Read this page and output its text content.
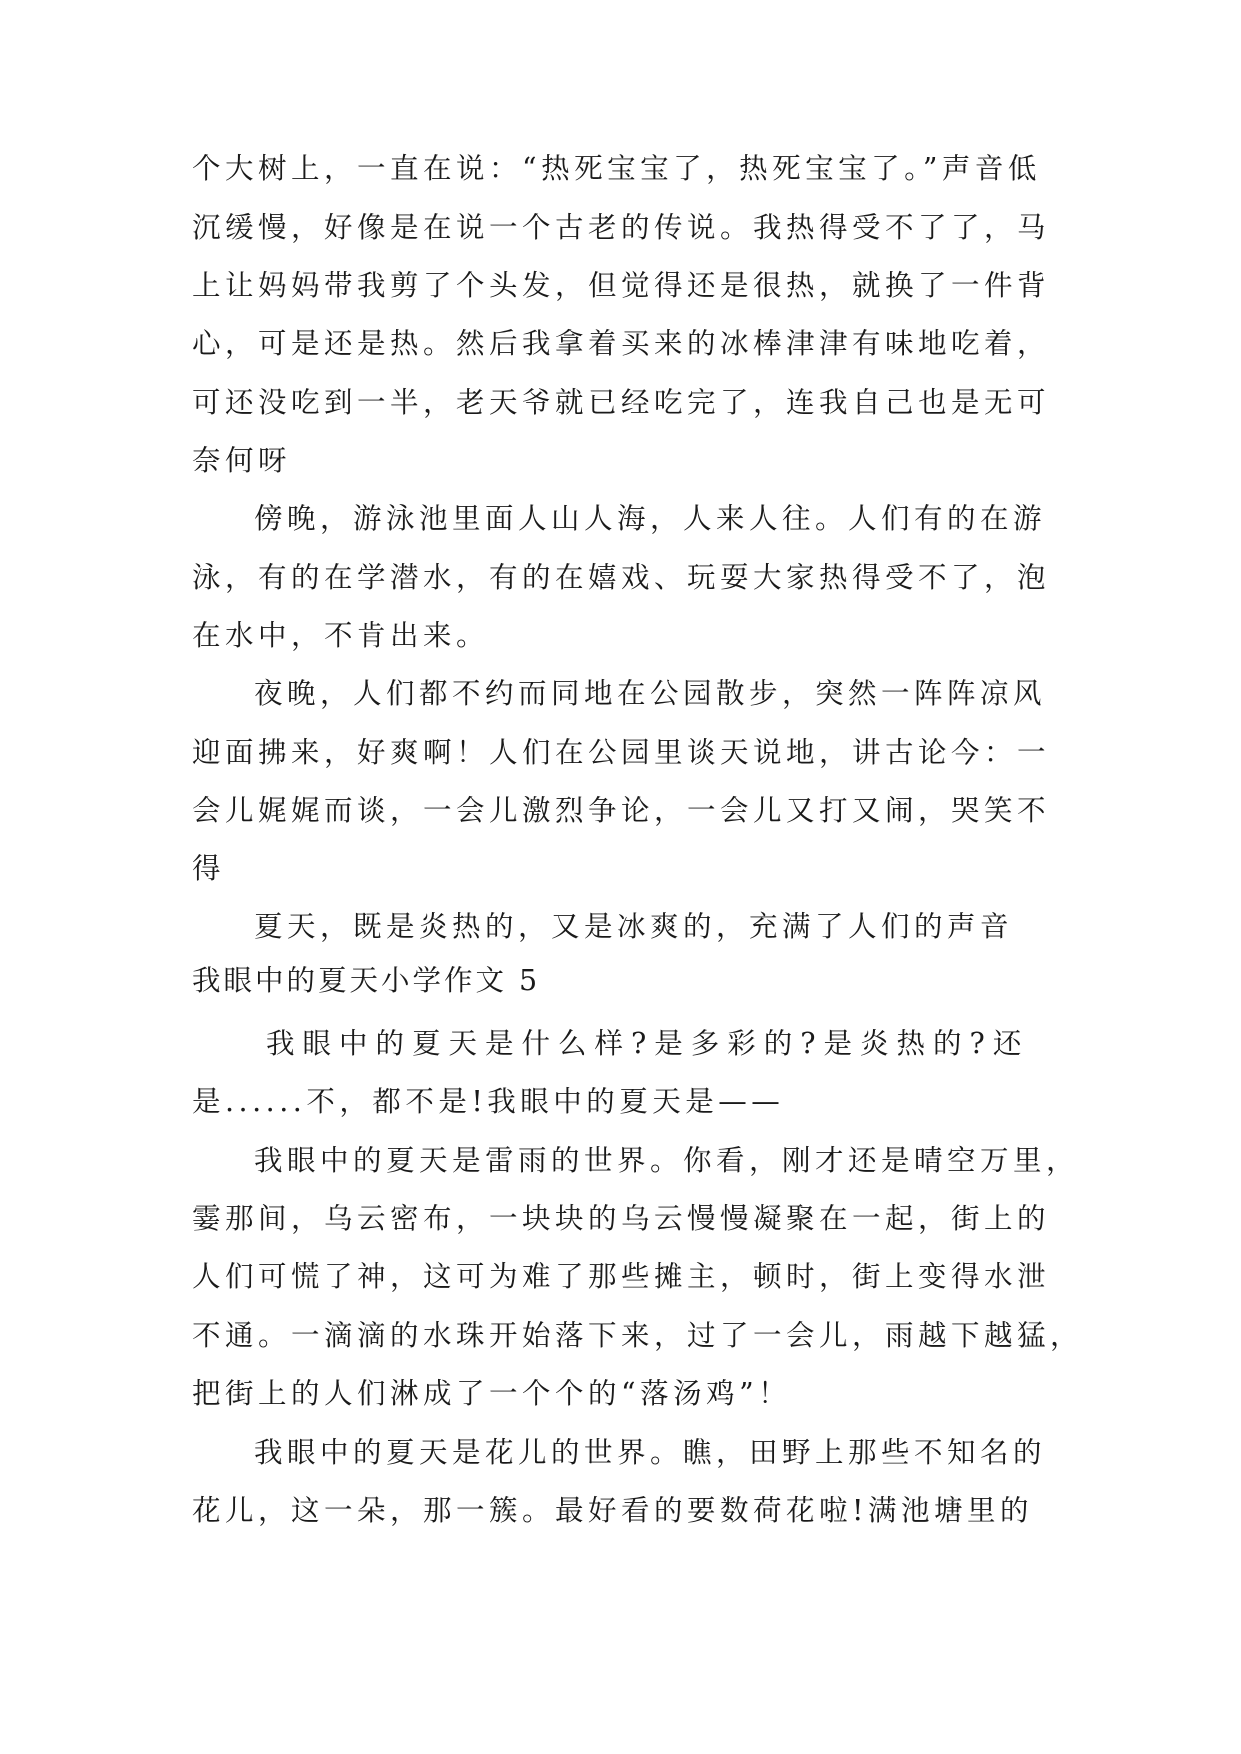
个大树上，一直在说：“热死宝宝了，热死宝宝了。”声音低
沉缓慢，好像是在说一个古老的传说。我热得受不了了，马
上让妈妈带我剪了个头发，但觉得还是很热，就换了一件背
心，可是还是热。然后我拿着买来的冰棒津津有味地吃着，
可还没吃到一半，老天爷就已经吃完了，连我自己也是无可
奈何呀
傍晚，游泳池里面人山人海，人来人往。人们有的在游
泳，有的在学潜水，有的在嬉戏、玩耍大家热得受不了，泡
在水中，不肯出来。
夜晚，人们都不约而同地在公园散步，突然一阵阵凉风
迎面拂来，好爽啊！人们在公园里谈天说地，讲古论今：一
会儿娓娓而谈，一会儿激烈争论，一会儿又打又闹，哭笑不
得
夏天，既是炎热的，又是冰爽的，充满了人们的声音
我眼中的夏天小学作文 5
我眼中的夏天是什么样?是多彩的?是炎热的?还
是......不，都不是!我眼中的夏天是——
我眼中的夏天是雷雨的世界。你看，刚才还是晴空万里，
霎那间，乌云密布，一块块的乌云慢慢凝聚在一起，街上的
人们可慌了神，这可为难了那些摊主，顿时，街上变得水泄
不通。一滴滴的水珠开始落下来，过了一会儿，雨越下越猛，
把街上的人们淋成了一个个的“落汤鸡”！
我眼中的夏天是花儿的世界。瞧，田野上那些不知名的
花儿，这一朵，那一簇。最好看的要数荷花啦!满池塘里的
